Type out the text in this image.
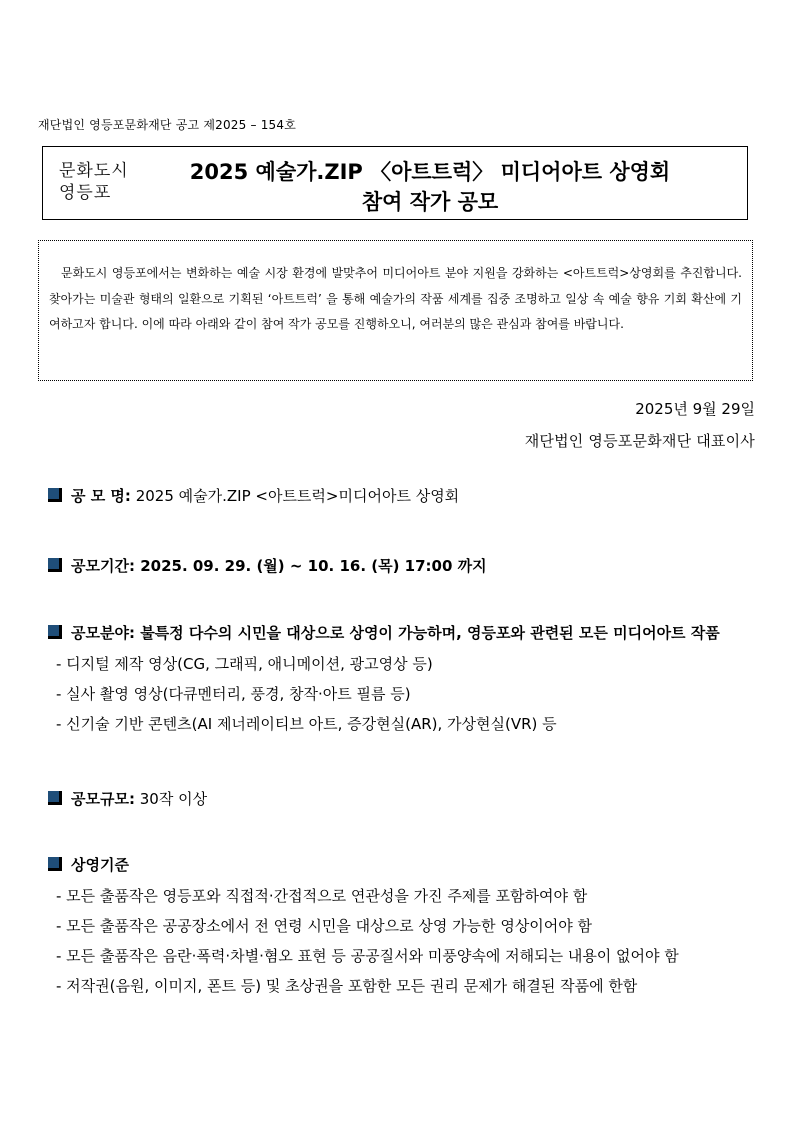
재단법인 영등포문화재단 공고 제2025 – 154호
문화도시
영등포
2025 예술가.ZIP 〈아트트럭〉 미디어아트 상영회
참여 작가 공모

문화도시 영등포에서는 변화하는 예술 시장 환경에 발맞추어 미디어아트 분야 지원을 강화하는 <아트트럭>상영회를 추진합니다. 찾아가는 미술관 형태의 일환으로 기획된 ‘아트트럭’ 을 통해 예술가의 작품 세계를 집중 조명하고 일상 속 예술 향유 기회 확산에 기여하고자 합니다. 이에 따라 아래와 같이 참여 작가 공모를 진행하오니, 여러분의 많은 관심과 참여를 바랍니다.

2025년 9월 29일
재단법인 영등포문화재단 대표이사
공 모 명: 2025 예술가.ZIP <아트트럭>미디어아트 상영회
공모기간: 2025. 09. 29. (월) ~ 10. 16. (목) 17:00 까지
공모분야: 불특정 다수의 시민을 대상으로 상영이 가능하며, 영등포와 관련된 모든 미디어아트 작품
- 디지털 제작 영상(CG, 그래픽, 애니메이션, 광고영상 등)
- 실사 촬영 영상(다큐멘터리, 풍경, 창작·아트 필름 등)
- 신기술 기반 콘텐츠(AI 제너레이티브 아트, 증강현실(AR), 가상현실(VR) 등
공모규모: 30작 이상
상영기준
- 모든 출품작은 영등포와 직접적·간접적으로 연관성을 가진 주제를 포함하여야 함
- 모든 출품작은 공공장소에서 전 연령 시민을 대상으로 상영 가능한 영상이어야 함
- 모든 출품작은 음란·폭력·차별·혐오 표현 등 공공질서와 미풍양속에 저해되는 내용이 없어야 함
- 저작권(음원, 이미지, 폰트 등) 및 초상권을 포함한 모든 권리 문제가 해결된 작품에 한함
